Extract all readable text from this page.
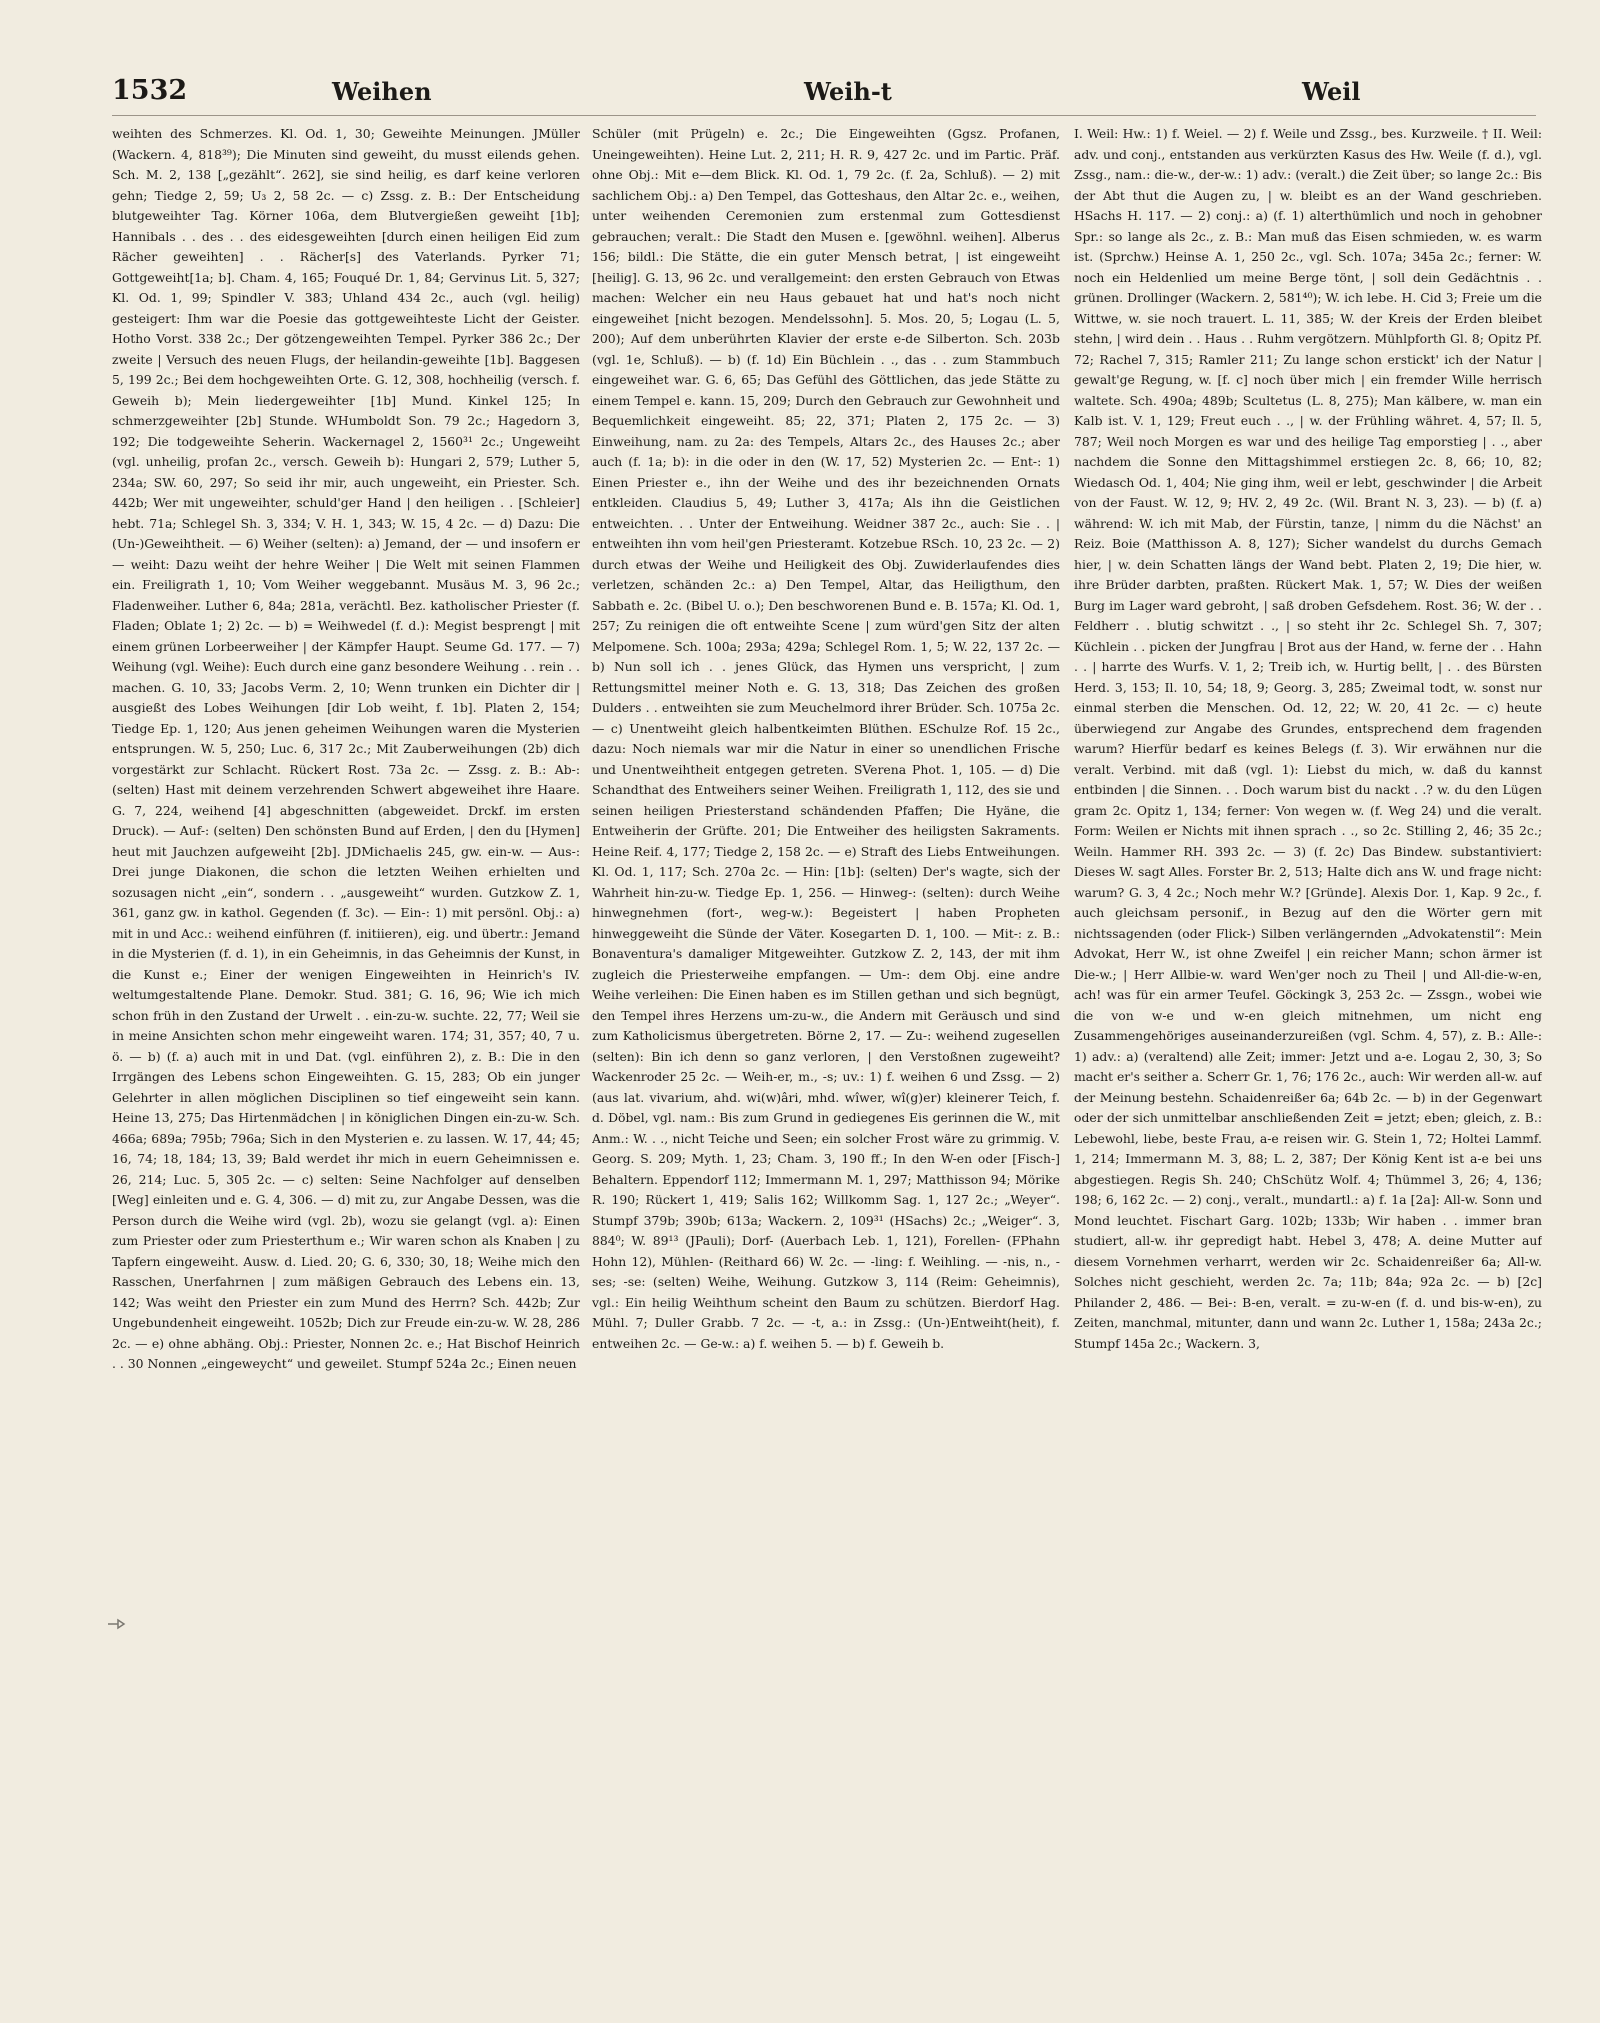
1532	Weihen	Weih-t	Weil

weihten des Schmerzes. Kl. Od. 1, 30; Geweihte Meinungen. JMüller (Wackern. 4, 818³⁹); Die Minuten sind geweiht, du musst eilends gehen. Sch. M. 2, 138 [„gezählt“. 262], sie sind heilig, es darf keine verloren gehn; Tiedge 2, 59; U₃ 2, 58 2c. — c) Zssg. z. B.: Der Entscheidung blutgeweihter Tag. Körner 106a, dem Blutvergießen geweiht [1b]; Hannibals . . des . . des eidesgeweihten [durch einen heiligen Eid zum Rächer geweihten] . . Rächer[s] des Vaterlands. Pyrker 71; Gottgeweiht[1a; b]. Cham. 4, 165; Fouqué Dr. 1, 84; Gervinus Lit. 5, 327; Kl. Od. 1, 99; Spindler V. 383; Uhland 434 2c., auch (vgl. heilig) gesteigert: Ihm war die Poesie das gottgeweihteste Licht der Geister. Hotho Vorst. 338 2c.; Der götzengeweihten Tempel. Pyrker 386 2c.; Der zweite | Versuch des neuen Flugs, der heilandin-geweihte [1b]. Baggesen 5, 199 2c.; Bei dem hochgeweihten Orte. G. 12, 308, hochheilig (versch. f. Geweih b); Mein liedergeweihter [1b] Mund. Kinkel 125; In schmerzgeweihter [2b] Stunde. WHumboldt Son. 79 2c.; Hagedorn 3, 192; Die todgeweihte Seherin. Wackernagel 2, 1560³¹ 2c.; Ungeweiht (vgl. unheilig, profan 2c., versch. Geweih b): Hungari 2, 579; Luther 5, 234a; SW. 60, 297; So seid ihr mir, auch ungeweiht, ein Priester. Sch. 442b; Wer mit ungeweihter, schuld'ger Hand | den heiligen . . [Schleier] hebt. 71a; Schlegel Sh. 3, 334; V. H. 1, 343; W. 15, 4 2c. — d) Dazu: Die (Un-)Geweihtheit. — 6) Weiher (selten): a) Jemand, der — und insofern er — weiht: Dazu weiht der hehre Weiher | Die Welt mit seinen Flammen ein. Freiligrath 1, 10; Vom Weiher weggebannt. Musäus M. 3, 96 2c.; Fladenweiher. Luther 6, 84a; 281a, verächtl. Bez. katholischer Priester (f. Fladen; Oblate 1; 2) 2c. — b) = Weihwedel (f. d.): Megist besprengt | mit einem grünen Lorbeerweiher | der Kämpfer Haupt. Seume Gd. 177. — 7) Weihung (vgl. Weihe): Euch durch eine ganz besondere Weihung . . rein . . machen. G. 10, 33; Jacobs Verm. 2, 10; Wenn trunken ein Dichter dir | ausgießt des Lobes Weihungen [dir Lob weiht, f. 1b]. Platen 2, 154; Tiedge Ep. 1, 120; Aus jenen geheimen Weihungen waren die Mysterien entsprungen. W. 5, 250; Luc. 6, 317 2c.; Mit Zauberweihungen (2b) dich vorgestärkt zur Schlacht. Rückert Rost. 73a 2c. — Zssg. z. B.: Ab-: (selten) Hast mit deinem verzehrenden Schwert abgeweihet ihre Haare. G. 7, 224, weihend [4] abgeschnitten (abgeweidet. Drckf. im ersten Druck). — Auf-: (selten) Den schönsten Bund auf Erden, | den du [Hymen] heut mit Jauchzen aufgeweiht [2b]. JDMichaelis 245, gw. ein-w. — Aus-: Drei junge Diakonen, die schon die letzten Weihen erhielten und sozusagen nicht „ein“, sondern . . „ausgeweiht“ wurden. Gutzkow Z. 1, 361, ganz gw. in kathol. Gegenden (f. 3c). — Ein-: 1) mit persönl. Obj.: a) mit in und Acc.: weihend einführen (f. initiieren), eig. und übertr.: Jemand in die Mysterien (f. d. 1), in ein Geheimnis, in das Geheimnis der Kunst, in die Kunst e.; Einer der wenigen Eingeweihten in Heinrich's IV. weltumgestaltende Plane. Demokr. Stud. 381; G. 16, 96; Wie ich mich schon früh in den Zustand der Urwelt . . ein-zu-w. suchte. 22, 77; Weil sie in meine Ansichten schon mehr eingeweiht waren. 174; 31, 357; 40, 7 u. ö. — b) (f. a) auch mit in und Dat. (vgl. einführen 2), z. B.: Die in den Irrgängen des Lebens schon Eingeweihten. G. 15, 283; Ob ein junger Gelehrter in allen möglichen Disciplinen so tief eingeweiht sein kann. Heine 13, 275; Das Hirtenmädchen | in königlichen Dingen ein-zu-w. Sch. 466a; 689a; 795b; 796a; Sich in den Mysterien e. zu lassen. W. 17, 44; 45; 16, 74; 18, 184; 13, 39; Bald werdet ihr mich in euern Geheimnissen e. 26, 214; Luc. 5, 305 2c. — c) selten: Seine Nachfolger auf denselben [Weg] einleiten und e. G. 4, 306. — d) mit zu, zur Angabe Dessen, was die Person durch die Weihe wird (vgl. 2b), wozu sie gelangt (vgl. a): Einen zum Priester oder zum Priesterthum e.; Wir waren schon als Knaben | zu Tapfern eingeweiht. Ausw. d. Lied. 20; G. 6, 330; 30, 18; Weihe mich den Rasschen, Unerfahrnen | zum mäßigen Gebrauch des Lebens ein. 13, 142; Was weiht den Priester ein zum Mund des Herrn? Sch. 442b; Zur Ungebundenheit eingeweiht. 1052b; Dich zur Freude ein-zu-w. W. 28, 286 2c. — e) ohne abhäng. Obj.: Priester, Nonnen 2c. e.; Hat Bischof Heinrich . . 30 Nonnen „eingeweycht“ und geweilet. Stumpf 524a 2c.; Einen neuen

Schüler (mit Prügeln) e. 2c.; Die Eingeweihten (Ggsz. Profanen, Uneingeweihten). Heine Lut. 2, 211; H. R. 9, 427 2c. und im Partic. Präf. ohne Obj.: Mit e—dem Blick. Kl. Od. 1, 79 2c. (f. 2a, Schluß). — 2) mit sachlichem Obj.: a) Den Tempel, das Gotteshaus, den Altar 2c. e., weihen, unter weihenden Ceremonien zum erstenmal zum Gottesdienst gebrauchen; veralt.: Die Stadt den Musen e. [gewöhnl. weihen]. Alberus 156; bildl.: Die Stätte, die ein guter Mensch betrat, | ist eingeweiht [heilig]. G. 13, 96 2c. und verallgemeint: den ersten Gebrauch von Etwas machen: Welcher ein neu Haus gebauet hat und hat's noch nicht eingeweihet [nicht bezogen. Mendelssohn]. 5. Mos. 20, 5; Logau (L. 5, 200); Auf dem unberührten Klavier der erste e-de Silberton. Sch. 203b (vgl. 1e, Schluß). — b) (f. 1d) Ein Büchlein . ., das . . zum Stammbuch eingeweihet war. G. 6, 65; Das Gefühl des Göttlichen, das jede Stätte zu einem Tempel e. kann. 15, 209; Durch den Gebrauch zur Gewohnheit und Bequemlichkeit eingeweiht. 85; 22, 371; Platen 2, 175 2c. — 3) Einweihung, nam. zu 2a: des Tempels, Altars 2c., des Hauses 2c.; aber auch (f. 1a; b): in die oder in den (W. 17, 52) Mysterien 2c. — Ent-: 1) Einen Priester e., ihn der Weihe und des ihr bezeichnenden Ornats entkleiden. Claudius 5, 49; Luther 3, 417a; Als ihn die Geistlichen entweichten. . . Unter der Entweihung. Weidner 387 2c., auch: Sie . . | entweihten ihn vom heil'gen Priesteramt. Kotzebue RSch. 10, 23 2c. — 2) durch etwas der Weihe und Heiligkeit des Obj. Zuwiderlaufendes dies verletzen, schänden 2c.: a) Den Tempel, Altar, das Heiligthum, den Sabbath e. 2c. (Bibel U. o.); Den beschworenen Bund e. B. 157a; Kl. Od. 1, 257; Zu reinigen die oft entweihte Scene | zum würd'gen Sitz der alten Melpomene. Sch. 100a; 293a; 429a; Schlegel Rom. 1, 5; W. 22, 137 2c. — b) Nun soll ich . . jenes Glück, das Hymen uns verspricht, | zum Rettungsmittel meiner Noth e. G. 13, 318; Das Zeichen des großen Dulders . . entweihten sie zum Meuchelmord ihrer Brüder. Sch. 1075a 2c. — c) Unentweiht gleich halbentkeimten Blüthen. ESchulze Rof. 15 2c., dazu: Noch niemals war mir die Natur in einer so unendlichen Frische und Unentweihtheit entgegen getreten. SVerena Phot. 1, 105. — d) Die Schandthat des Entweihers seiner Weihen. Freiligrath 1, 112, des sie und seinen heiligen Priesterstand schändenden Pfaffen; Die Hyäne, die Entweiherin der Grüfte. 201; Die Entweiher des heiligsten Sakraments. Heine Reif. 4, 177; Tiedge 2, 158 2c. — e) Straft des Liebs Entweihungen. Kl. Od. 1, 117; Sch. 270a 2c. — Hin: [1b]: (selten) Der's wagte, sich der Wahrheit hin-zu-w. Tiedge Ep. 1, 256. — Hinweg-: (selten): durch Weihe hinwegnehmen (fort-, weg-w.): Begeistert | haben Propheten hinweggeweiht die Sünde der Väter. Kosegarten D. 1, 100. — Mit-: z. B.: Bonaventura's damaliger Mitgeweihter. Gutzkow Z. 2, 143, der mit ihm zugleich die Priesterweihe empfangen. — Um-: dem Obj. eine andre Weihe verleihen: Die Einen haben es im Stillen gethan und sich begnügt, den Tempel ihres Herzens um-zu-w., die Andern mit Geräusch und sind zum Katholicismus übergetreten. Börne 2, 17. — Zu-: weihend zugesellen (selten): Bin ich denn so ganz verloren, | den Verstoßnen zugeweiht? Wackenroder 25 2c. — Weih-er, m., -s; uv.: 1) f. weihen 6 und Zssg. — 2) (aus lat. vivarium, ahd. wi(w)âri, mhd. wîwer, wî(g)er) kleinerer Teich, f. d. Döbel, vgl. nam.: Bis zum Grund in gediegenes Eis gerinnen die W., mit Anm.: W. . ., nicht Teiche und Seen; ein solcher Frost wäre zu grimmig. V. Georg. S. 209; Myth. 1, 23; Cham. 3, 190 ff.; In den W-en oder [Fisch-] Behaltern. Eppendorf 112; Immermann M. 1, 297; Matthisson 94; Mörike R. 190; Rückert 1, 419; Salis 162; Willkomm Sag. 1, 127 2c.; „Weyer“. Stumpf 379b; 390b; 613a; Wackern. 2, 109³¹ (HSachs) 2c.; „Weiger“. 3, 884⁰; W. 89¹³ (JPauli); Dorf- (Auerbach Leb. 1, 121), Forellen- (FPhahn Hohn 12), Mühlen- (Reithard 66) W. 2c. — -ling: f. Weihling. — -nis, n., -ses; -se: (selten) Weihe, Weihung. Gutzkow 3, 114 (Reim: Geheimnis), vgl.: Ein heilig Weihthum scheint den Baum zu schützen. Bierdorf Hag. Mühl. 7; Duller Grabb. 7 2c. — -t, a.: in Zssg.: (Un-)Entweiht(heit), f. entweihen 2c. — Ge-w.: a) f. weihen 5. — b) f. Geweih b.

I. Weil: Hw.: 1) f. Weiel. — 2) f. Weile und Zssg., bes. Kurzweile. † II. Weil: adv. und conj., entstanden aus verkürzten Kasus des Hw. Weile (f. d.), vgl. Zssg., nam.: die-w., der-w.: 1) adv.: (veralt.) die Zeit über; so lange 2c.: Bis der Abt thut die Augen zu, | w. bleibt es an der Wand geschrieben. HSachs H. 117. — 2) conj.: a) (f. 1) alterthümlich und noch in gehobner Spr.: so lange als 2c., z. B.: Man muß das Eisen schmieden, w. es warm ist. (Sprchw.) Heinse A. 1, 250 2c., vgl. Sch. 107a; 345a 2c.; ferner: W. noch ein Heldenlied um meine Berge tönt, | soll dein Gedächtnis . . grünen. Drollinger (Wackern. 2, 581⁴⁰); W. ich lebe. H. Cid 3; Freie um die Wittwe, w. sie noch trauert. L. 11, 385; W. der Kreis der Erden bleibet stehn, | wird dein . . Haus . . Ruhm vergötzern. Mühlpforth Gl. 8; Opitz Pf. 72; Rachel 7, 315; Ramler 211; Zu lange schon erstickt' ich der Natur | gewalt'ge Regung, w. [f. c] noch über mich | ein fremder Wille herrisch waltete. Sch. 490a; 489b; Scultetus (L. 8, 275); Man kälbere, w. man ein Kalb ist. V. 1, 129; Freut euch . ., | w. der Frühling währet. 4, 57; Il. 5, 787; Weil noch Morgen es war und des heilige Tag emporstieg | . ., aber nachdem die Sonne den Mittagshimmel erstiegen 2c. 8, 66; 10, 82; Wiedasch Od. 1, 404; Nie ging ihm, weil er lebt, geschwinder | die Arbeit von der Faust. W. 12, 9; HV. 2, 49 2c. (Wil. Brant N. 3, 23). — b) (f. a) während: W. ich mit Mab, der Fürstin, tanze, | nimm du die Nächst' an Reiz. Boie (Matthisson A. 8, 127); Sicher wandelst du durchs Gemach hier, | w. dein Schatten längs der Wand bebt. Platen 2, 19; Die hier, w. ihre Brüder darbten, praßten. Rückert Mak. 1, 57; W. Dies der weißen Burg im Lager ward gebroht, | saß droben Gefsdehem. Rost. 36; W. der . . Feldherr . . blutig schwitzt . ., | so steht ihr 2c. Schlegel Sh. 7, 307; Küchlein . . picken der Jungfrau | Brot aus der Hand, w. ferne der . . Hahn . . | harrte des Wurfs. V. 1, 2; Treib ich, w. Hurtig bellt, | . . des Bürsten Herd. 3, 153; Il. 10, 54; 18, 9; Georg. 3, 285; Zweimal todt, w. sonst nur einmal sterben die Menschen. Od. 12, 22; W. 20, 41 2c. — c) heute überwiegend zur Angabe des Grundes, entsprechend dem fragenden warum? Hierfür bedarf es keines Belegs (f. 3). Wir erwähnen nur die veralt. Verbind. mit daß (vgl. 1): Liebst du mich, w. daß du kannst entbinden | die Sinnen. . . Doch warum bist du nackt . .? w. du den Lügen gram 2c. Opitz 1, 134; ferner: Von wegen w. (f. Weg 24) und die veralt. Form: Weilen er Nichts mit ihnen sprach . ., so 2c. Stilling 2, 46; 35 2c.; Weiln. Hammer RH. 393 2c. — 3) (f. 2c) Das Bindew. substantiviert: Dieses W. sagt Alles. Forster Br. 2, 513; Halte dich ans W. und frage nicht: warum? G. 3, 4 2c.; Noch mehr W.? [Gründe]. Alexis Dor. 1, Kap. 9 2c., f. auch gleichsam personif., in Bezug auf den die Wörter gern mit nichtssagenden (oder Flick-) Silben verlängernden „Advokatenstil“: Mein Advokat, Herr W., ist ohne Zweifel | ein reicher Mann; schon ärmer ist Die-w.; | Herr Allbie-w. ward Wen'ger noch zu Theil | und All-die-w-en, ach! was für ein armer Teufel. Göckingk 3, 253 2c. — Zssgn., wobei wie die von w-e und w-en gleich mitnehmen, um nicht eng Zusammengehöriges auseinanderzureißen (vgl. Schm. 4, 57), z. B.: Alle-: 1) adv.: a) (veraltend) alle Zeit; immer: Jetzt und a-e. Logau 2, 30, 3; So macht er's seither a. Scherr Gr. 1, 76; 176 2c., auch: Wir werden all-w. auf der Meinung bestehn. Schaidenreißer 6a; 64b 2c. — b) in der Gegenwart oder der sich unmittelbar anschließenden Zeit = jetzt; eben; gleich, z. B.: Lebewohl, liebe, beste Frau, a-e reisen wir. G. Stein 1, 72; Holtei Lammf. 1, 214; Immermann M. 3, 88; L. 2, 387; Der König Kent ist a-e bei uns abgestiegen. Regis Sh. 240; ChSchütz Wolf. 4; Thümmel 3, 26; 4, 136; 198; 6, 162 2c. — 2) conj., veralt., mundartl.: a) f. 1a [2a]: All-w. Sonn und Mond leuchtet. Fischart Garg. 102b; 133b; Wir haben . . immer bran studiert, all-w. ihr gepredigt habt. Hebel 3, 478; A. deine Mutter auf diesem Vornehmen verharrt, werden wir 2c. Schaidenreißer 6a; All-w. Solches nicht geschieht, werden 2c. 7a; 11b; 84a; 92a 2c. — b) [2c] Philander 2, 486. — Bei-: B-en, veralt. = zu-w-en (f. d. und bis-w-en), zu Zeiten, manchmal, mitunter, dann und wann 2c. Luther 1, 158a; 243a 2c.; Stumpf 145a 2c.; Wackern. 3,
